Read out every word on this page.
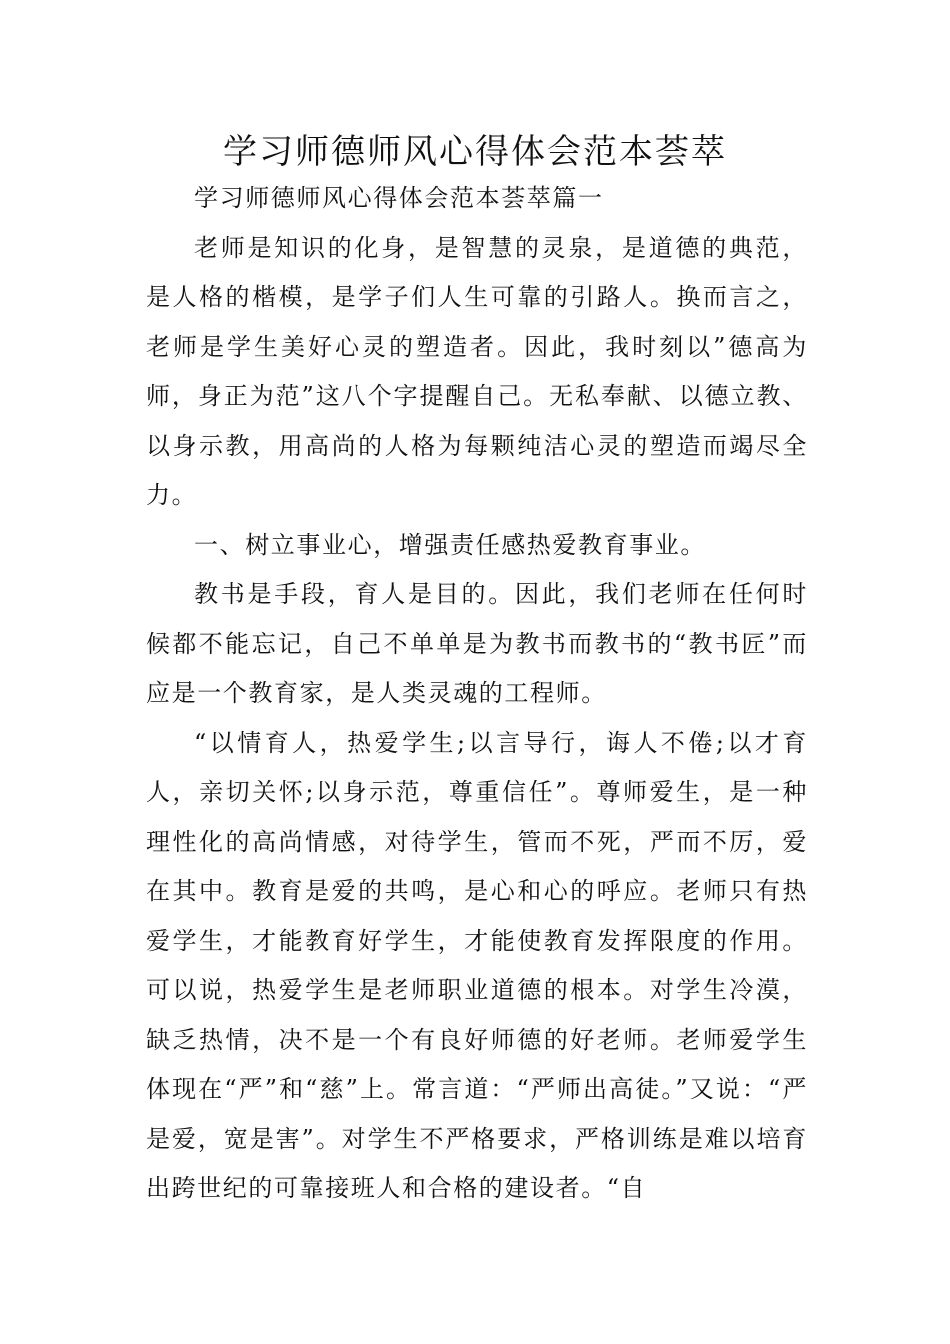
学习师德师风心得体会范本荟萃

学习师德师风心得体会范本荟萃篇一

老师是知识的化身，是智慧的灵泉，是道德的典范，是人格的楷模，是学子们人生可靠的引路人。换而言之，老师是学生美好心灵的塑造者。因此，我时刻以”德高为师，身正为范”这八个字提醒自己。无私奉献、以德立教、以身示教，用高尚的人格为每颗纯洁心灵的塑造而竭尽全力。

一、树立事业心，增强责任感热爱教育事业。

教书是手段，育人是目的。因此，我们老师在任何时候都不能忘记，自己不单单是为教书而教书的“教书匠”而应是一个教育家，是人类灵魂的工程师。

“以情育人，热爱学生;以言导行，诲人不倦;以才育人，亲切关怀;以身示范，尊重信任”。尊师爱生，是一种理性化的高尚情感，对待学生，管而不死，严而不厉，爱在其中。教育是爱的共鸣，是心和心的呼应。老师只有热爱学生，才能教育好学生，才能使教育发挥限度的作用。可以说，热爱学生是老师职业道德的根本。对学生冷漠，缺乏热情，决不是一个有良好师德的好老师。老师爱学生体现在“严”和“慈”上。常言道：“严师出高徒。”又说：“严是爱，宽是害”。对学生不严格要求，严格训练是难以培育出跨世纪的可靠接班人和合格的建设者。“自
